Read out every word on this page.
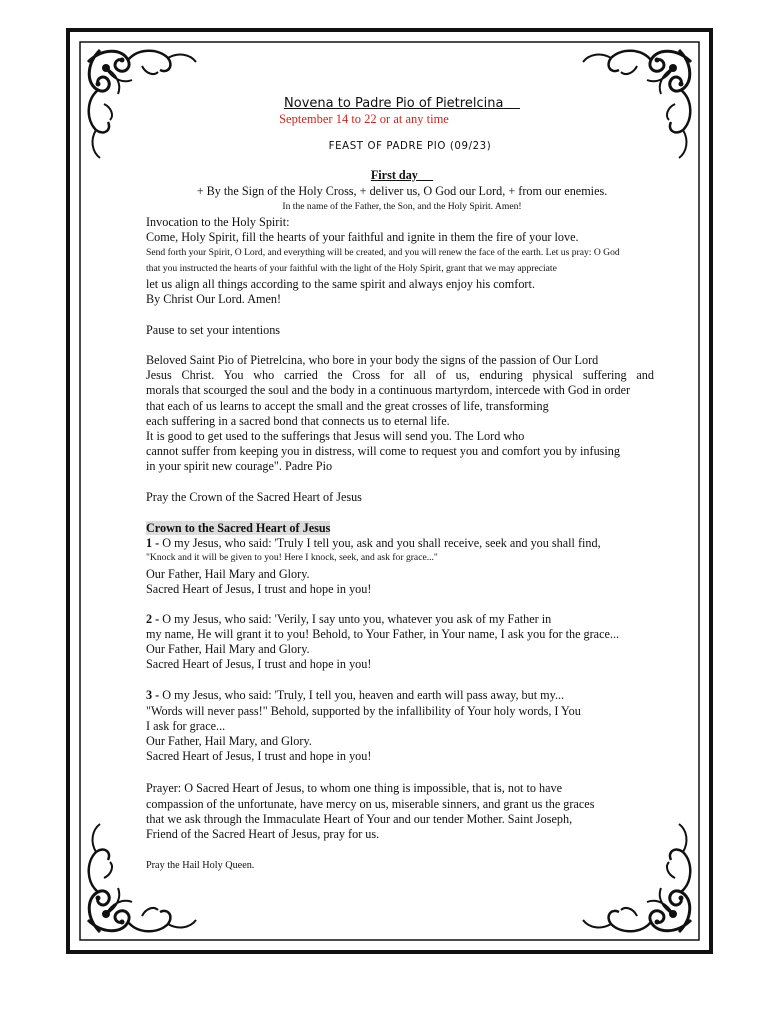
Novena to Padre Pio of Pietrelcina
September 14 to 22 or at any time
FEAST OF PADRE PIO (09/23)
First day
+ By the Sign of the Holy Cross, + deliver us, O God our Lord, + from our enemies.
In the name of the Father, the Son, and the Holy Spirit. Amen!
Invocation to the Holy Spirit:
Come, Holy Spirit, fill the hearts of your faithful and ignite in them the fire of your love.
Send forth your Spirit, O Lord, and everything will be created, and you will renew the face of the earth. Let us pray: O God
that you instructed the hearts of your faithful with the light of the Holy Spirit, grant that we may appreciate
let us align all things according to the same spirit and always enjoy his comfort.
By Christ Our Lord. Amen!
Pause to set your intentions
Beloved Saint Pio of Pietrelcina, who bore in your body the signs of the passion of Our Lord
Jesus Christ. You who carried the Cross for all of us, enduring physical suffering and
morals that scourged the soul and the body in a continuous martyrdom, intercede with God in order
that each of us learns to accept the small and the great crosses of life, transforming
each suffering in a sacred bond that connects us to eternal life.
It is good to get used to the sufferings that Jesus will send you. The Lord who
cannot suffer from keeping you in distress, will come to request you and comfort you by infusing
in your spirit new courage". Padre Pio
Pray the Crown of the Sacred Heart of Jesus
Crown to the Sacred Heart of Jesus
1 - O my Jesus, who said: 'Truly I tell you, ask and you shall receive, seek and you shall find,
"Knock and it will be given to you! Here I knock, seek, and ask for grace..."
Our Father, Hail Mary and Glory.
Sacred Heart of Jesus, I trust and hope in you!
2 - O my Jesus, who said: 'Verily, I say unto you, whatever you ask of my Father in
my name, He will grant it to you! Behold, to Your Father, in Your name, I ask you for the grace...
Our Father, Hail Mary and Glory.
Sacred Heart of Jesus, I trust and hope in you!
3 - O my Jesus, who said: 'Truly, I tell you, heaven and earth will pass away, but my...
"Words will never pass!" Behold, supported by the infallibility of Your holy words, I You
I ask for grace...
Our Father, Hail Mary, and Glory.
Sacred Heart of Jesus, I trust and hope in you!
Prayer: O Sacred Heart of Jesus, to whom one thing is impossible, that is, not to have
compassion of the unfortunate, have mercy on us, miserable sinners, and grant us the graces
that we ask through the Immaculate Heart of Your and our tender Mother. Saint Joseph,
Friend of the Sacred Heart of Jesus, pray for us.
Pray the Hail Holy Queen.
